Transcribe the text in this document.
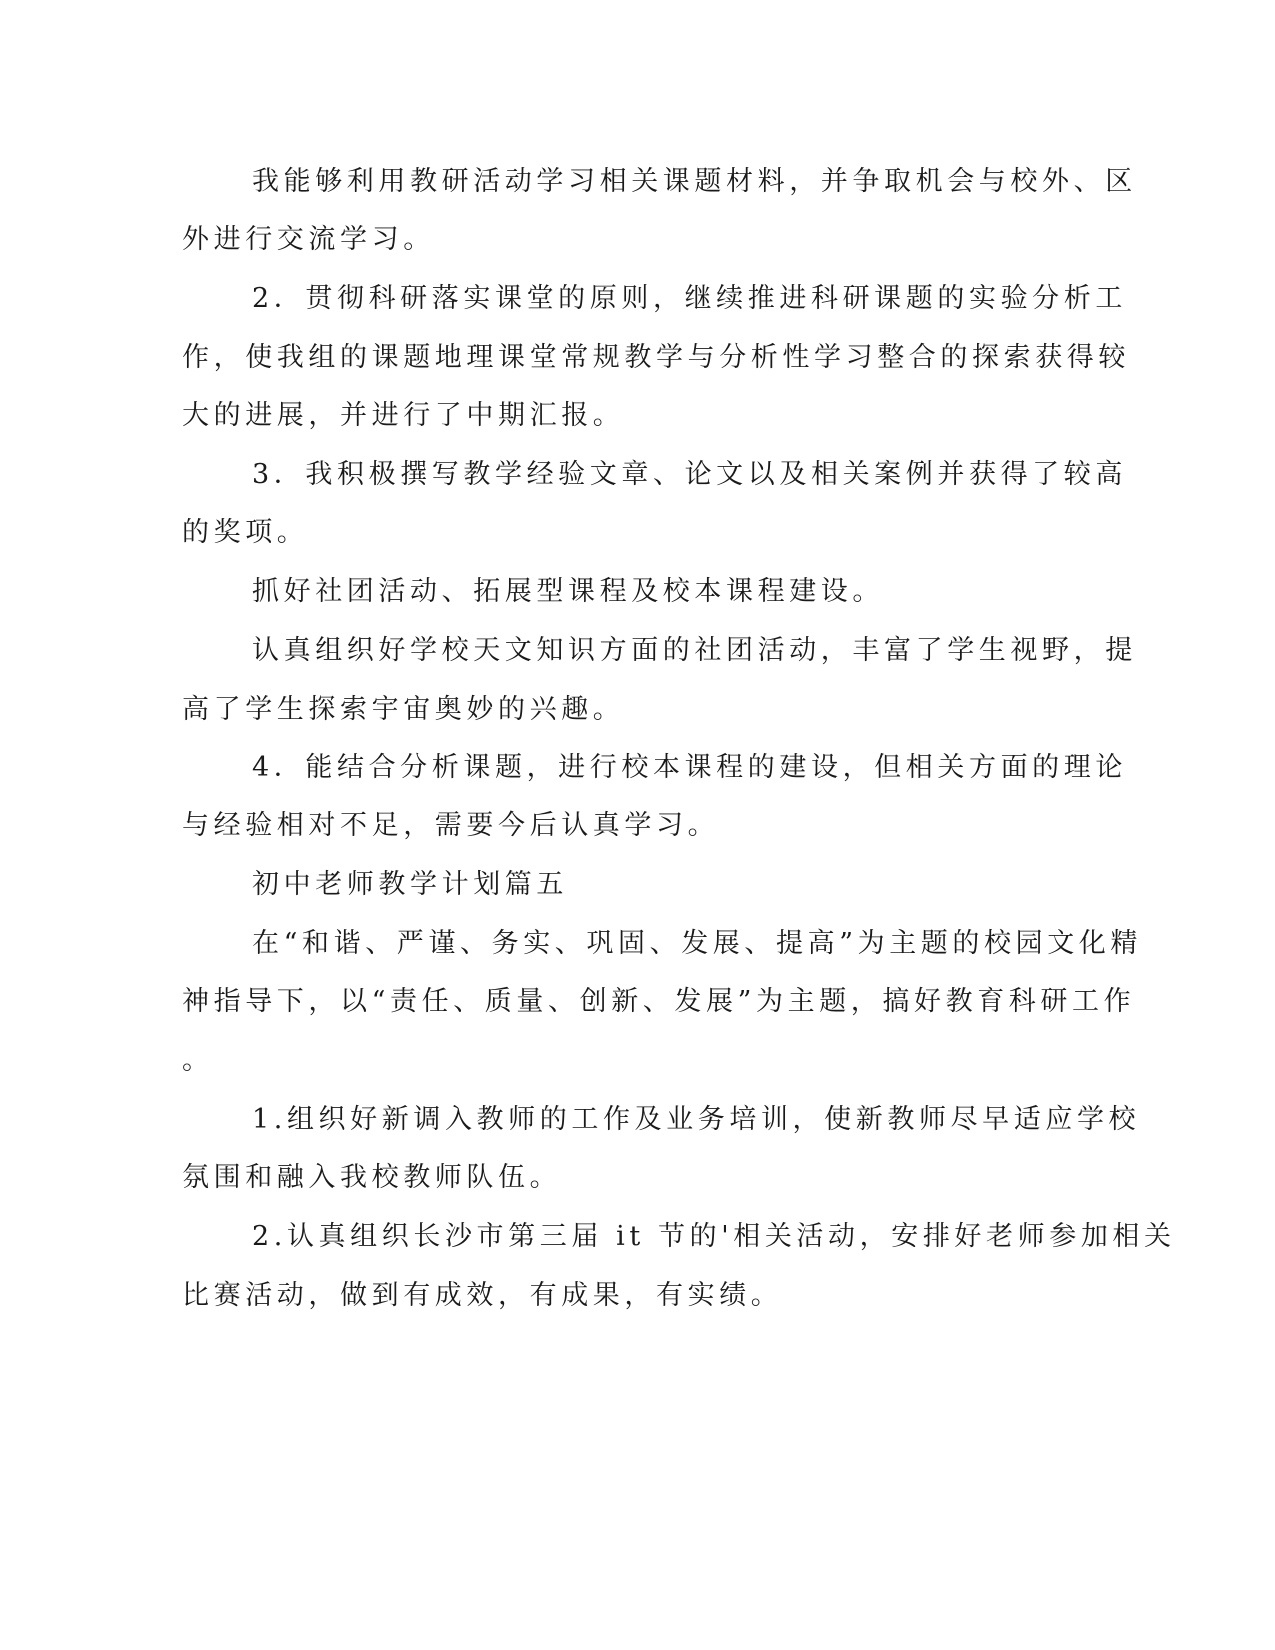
我能够利用教研活动学习相关课题材料，并争取机会与校外、区

外进行交流学习。

2．贯彻科研落实课堂的原则，继续推进科研课题的实验分析工

作，使我组的课题地理课堂常规教学与分析性学习整合的探索获得较

大的进展，并进行了中期汇报。

3．我积极撰写教学经验文章、论文以及相关案例并获得了较高

的奖项。

抓好社团活动、拓展型课程及校本课程建设。

认真组织好学校天文知识方面的社团活动，丰富了学生视野，提

高了学生探索宇宙奥妙的兴趣。

4．能结合分析课题，进行校本课程的建设，但相关方面的理论

与经验相对不足，需要今后认真学习。

初中老师教学计划篇五

在“和谐、严谨、务实、巩固、发展、提高”为主题的校园文化精

神指导下，以“责任、质量、创新、发展”为主题，搞好教育科研工作

。

1.组织好新调入教师的工作及业务培训，使新教师尽早适应学校

氛围和融入我校教师队伍。

2.认真组织长沙市第三届 it 节的'相关活动，安排好老师参加相关

比赛活动，做到有成效，有成果，有实绩。
